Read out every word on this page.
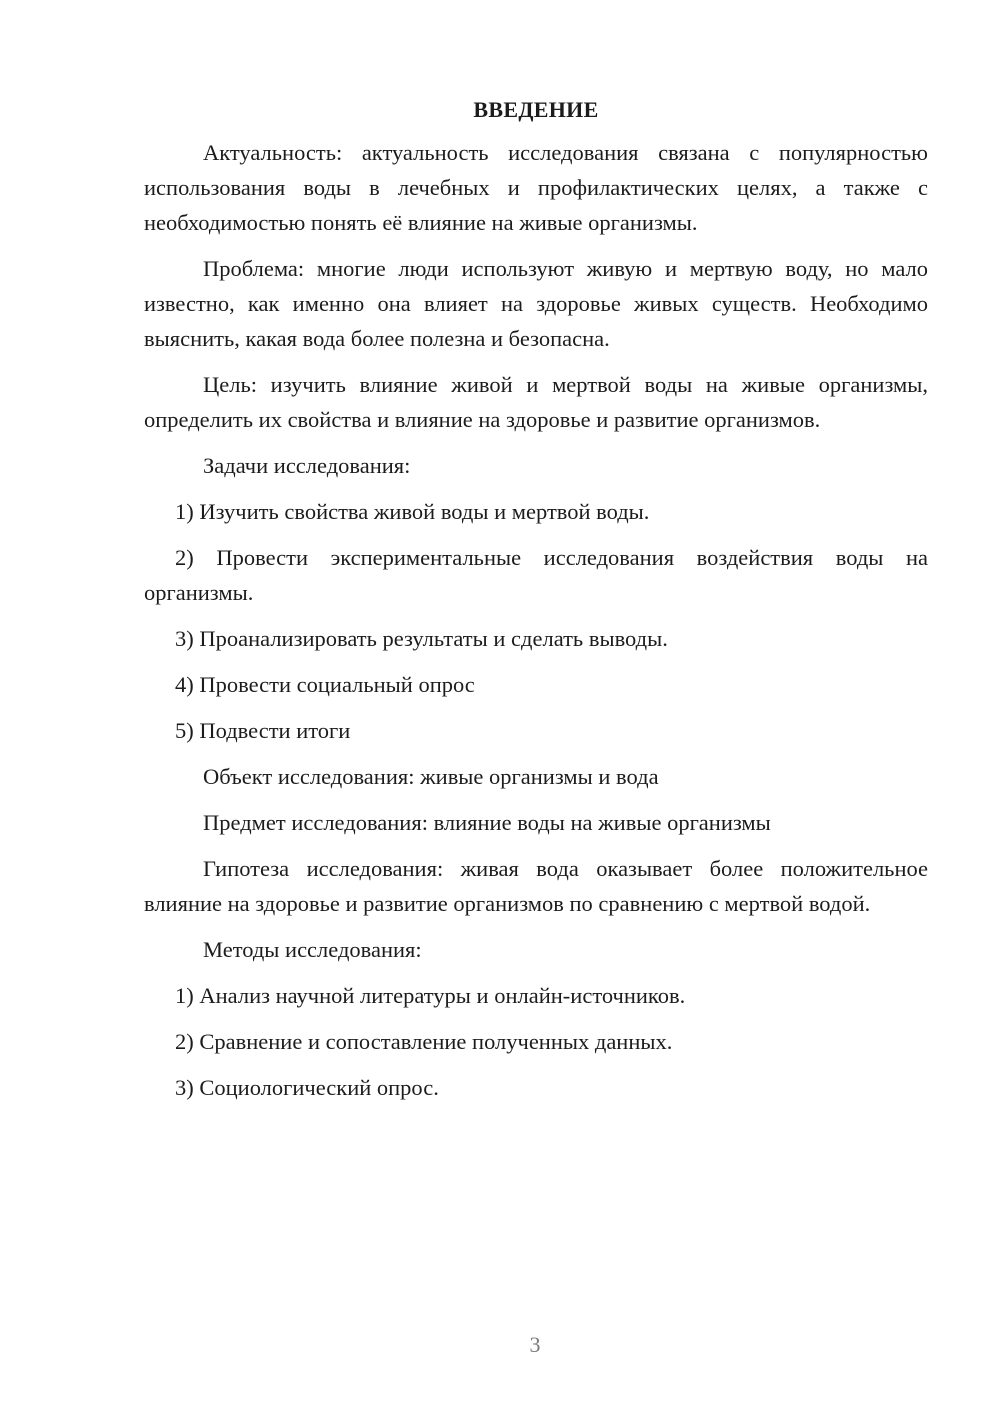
ВВЕДЕНИЕ

Актуальность: актуальность исследования связана с популярностью использования воды в лечебных и профилактических целях, а также с необходимостью понять её влияние на живые организмы.

Проблема: многие люди используют живую и мертвую воду, но мало известно, как именно она влияет на здоровье живых существ. Необходимо выяснить, какая вода более полезна и безопасна.

Цель: изучить влияние живой и мертвой воды на живые организмы, определить их свойства и влияние на здоровье и развитие организмов.

Задачи исследования:

1) Изучить свойства живой воды и мертвой воды.

2) Провести экспериментальные исследования воздействия воды на организмы.

3) Проанализировать результаты и сделать выводы.

4) Провести социальный опрос

5) Подвести итоги

Объект исследования: живые организмы и вода

Предмет исследования: влияние воды на живые организмы

Гипотеза исследования: живая вода оказывает более положительное влияние на здоровье и развитие организмов по сравнению с мертвой водой.

Методы исследования:

1) Анализ научной литературы и онлайн-источников.

2) Сравнение и сопоставление полученных данных.

3) Социологический опрос.

3
